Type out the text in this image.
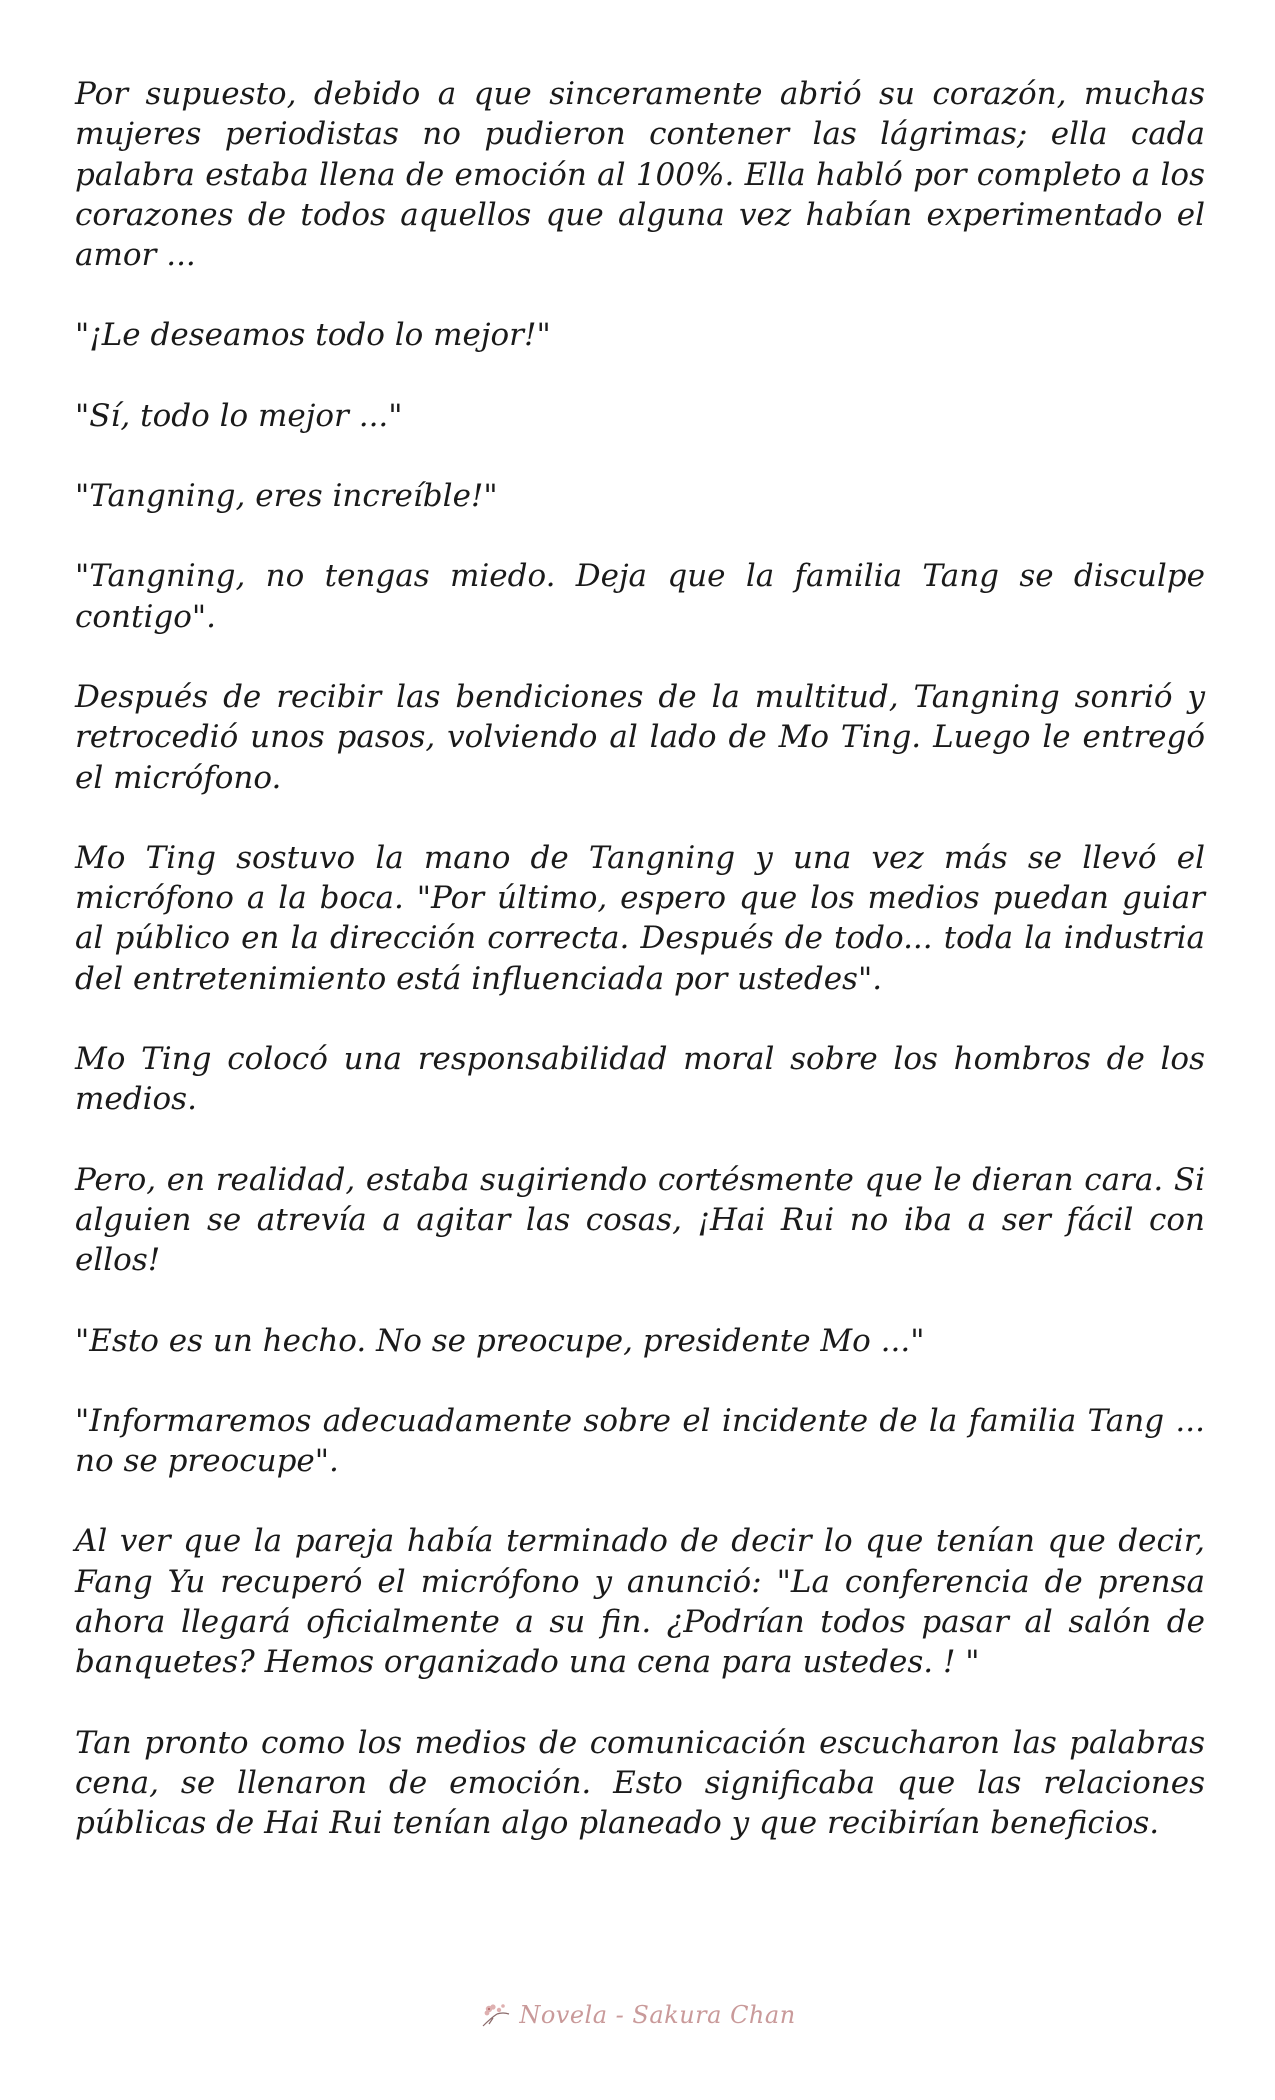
Por supuesto, debido a que sinceramente abrió su corazón, muchas mujeres periodistas no pudieron contener las lágrimas; ella cada palabra estaba llena de emoción al 100%. Ella habló por completo a los corazones de todos aquellos que alguna vez habían experimentado el amor ...

"¡Le deseamos todo lo mejor!"

"Sí, todo lo mejor ..."

"Tangning, eres increíble!"

"Tangning, no tengas miedo. Deja que la familia Tang se disculpe contigo".

Después de recibir las bendiciones de la multitud, Tangning sonrió y retrocedió unos pasos, volviendo al lado de Mo Ting. Luego le entregó el micrófono.

Mo Ting sostuvo la mano de Tangning y una vez más se llevó el micrófono a la boca. "Por último, espero que los medios puedan guiar al público en la dirección correcta. Después de todo... toda la industria del entretenimiento está influenciada por ustedes".

Mo Ting colocó una responsabilidad moral sobre los hombros de los medios.

Pero, en realidad, estaba sugiriendo cortésmente que le dieran cara. Si alguien se atrevía a agitar las cosas, ¡Hai Rui no iba a ser fácil con ellos!

"Esto es un hecho. No se preocupe, presidente Mo ..."

"Informaremos adecuadamente sobre el incidente de la familia Tang ... no se preocupe".

Al ver que la pareja había terminado de decir lo que tenían que decir, Fang Yu recuperó el micrófono y anunció: "La conferencia de prensa ahora llegará oficialmente a su fin. ¿Podrían todos pasar al salón de banquetes? Hemos organizado una cena para ustedes. ! "

Tan pronto como los medios de comunicación escucharon las palabras cena, se llenaron de emoción. Esto significaba que las relaciones públicas de Hai Rui tenían algo planeado y que recibirían beneficios.

Novela - Sakura Chan
